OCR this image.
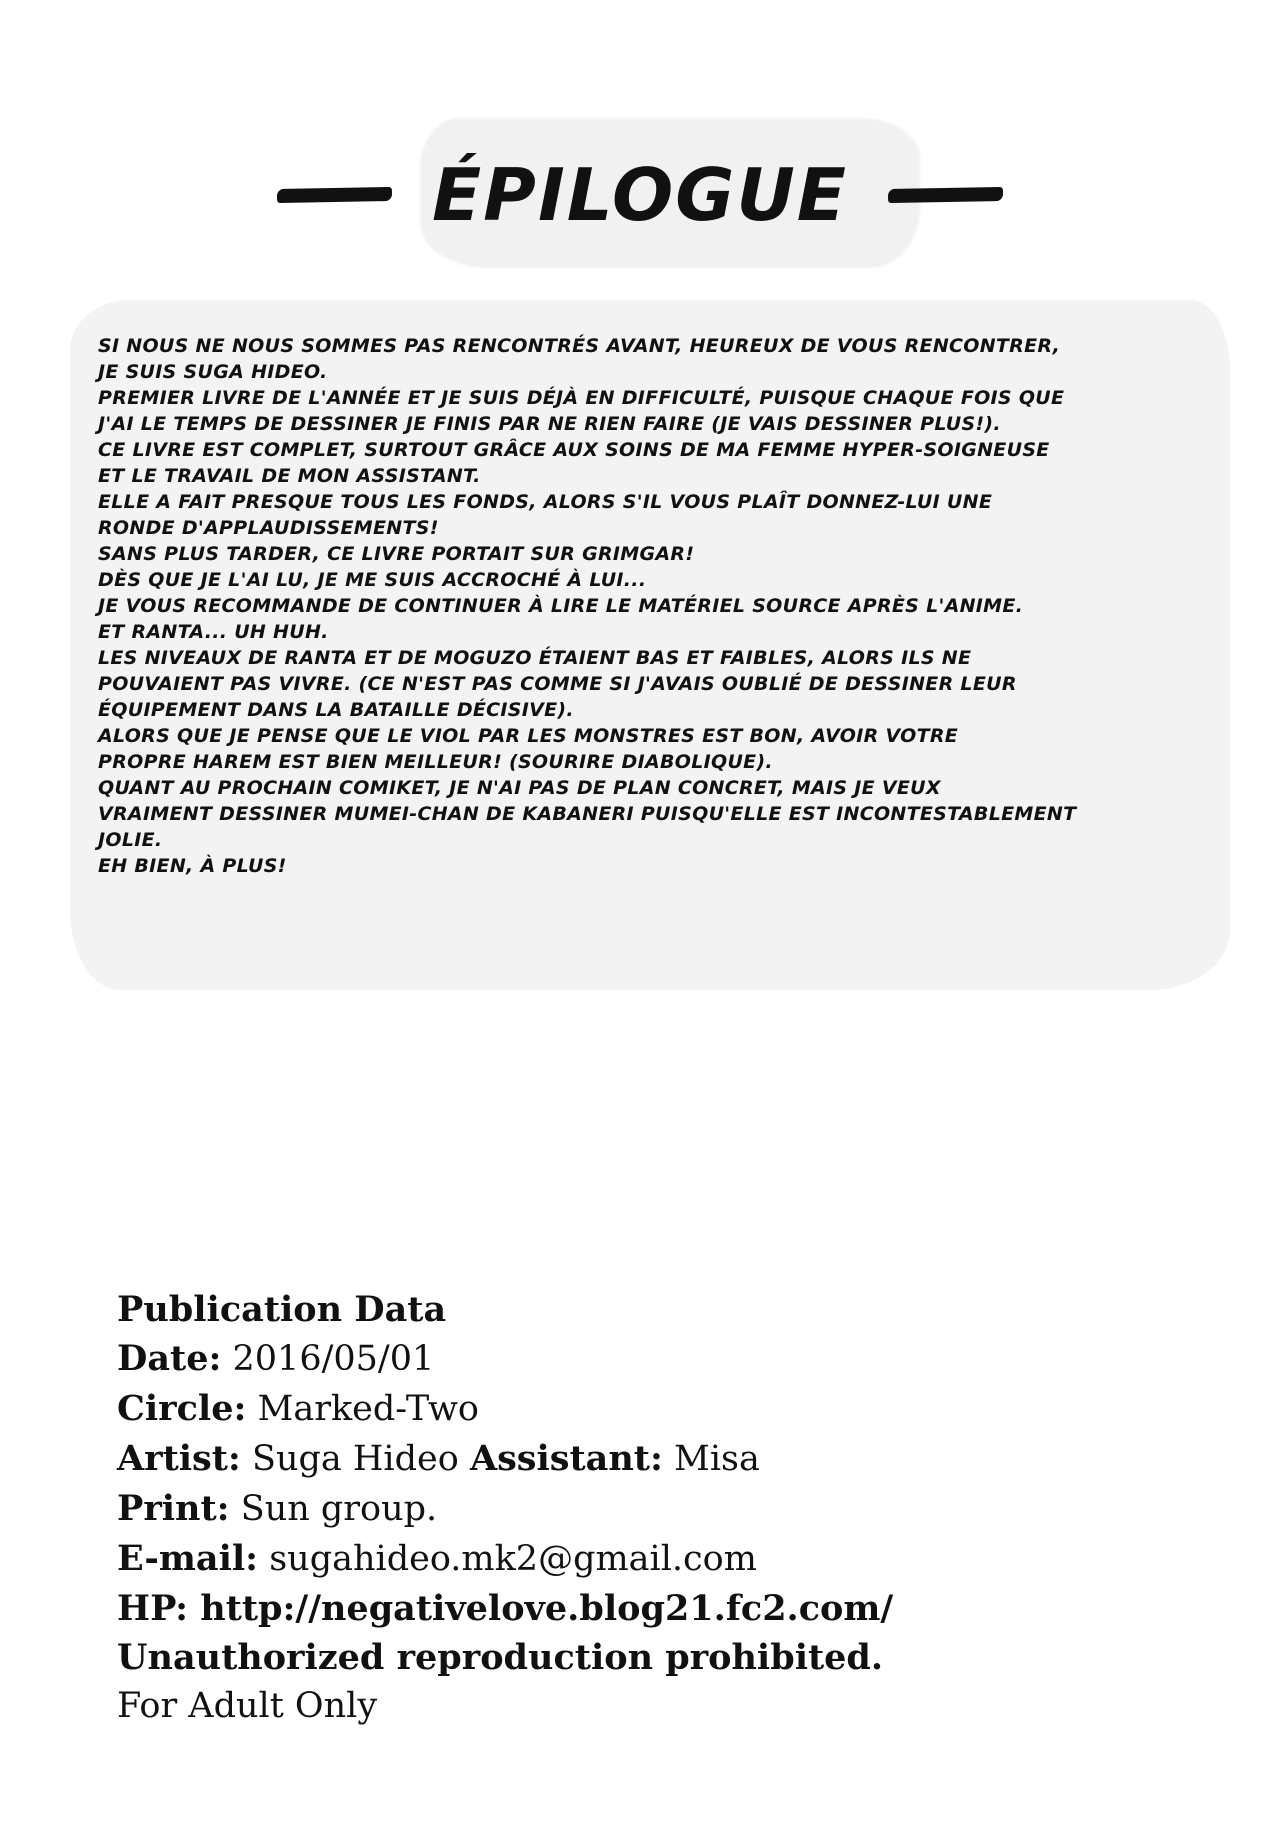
ÉPILOGUE
SI NOUS NE NOUS SOMMES PAS RENCONTRÉS AVANT, HEUREUX DE VOUS RENCONTRER,
JE SUIS SUGA HIDEO.
PREMIER LIVRE DE L'ANNÉE ET JE SUIS DÉJÀ EN DIFFICULTÉ, PUISQUE CHAQUE FOIS QUE
J'AI LE TEMPS DE DESSINER JE FINIS PAR NE RIEN FAIRE (JE VAIS DESSINER PLUS!).
CE LIVRE EST COMPLET, SURTOUT GRÂCE AUX SOINS DE MA FEMME HYPER-SOIGNEUSE
ET LE TRAVAIL DE MON ASSISTANT.
ELLE A FAIT PRESQUE TOUS LES FONDS, ALORS S'IL VOUS PLAÎT DONNEZ-LUI UNE
RONDE D'APPLAUDISSEMENTS!
SANS PLUS TARDER, CE LIVRE PORTAIT SUR GRIMGAR!
DÈS QUE JE L'AI LU, JE ME SUIS ACCROCHÉ À LUI...
JE VOUS RECOMMANDE DE CONTINUER À LIRE LE MATÉRIEL SOURCE APRÈS L'ANIME.
ET RANTA... UH HUH.
LES NIVEAUX DE RANTA ET DE MOGUZO ÉTAIENT BAS ET FAIBLES, ALORS ILS NE
POUVAIENT PAS VIVRE. (CE N'EST PAS COMME SI J'AVAIS OUBLIÉ DE DESSINER LEUR
ÉQUIPEMENT DANS LA BATAILLE DÉCISIVE).
ALORS QUE JE PENSE QUE LE VIOL PAR LES MONSTRES EST BON, AVOIR VOTRE
PROPRE HAREM EST BIEN MEILLEUR! (SOURIRE DIABOLIQUE).
QUANT AU PROCHAIN COMIKET, JE N'AI PAS DE PLAN CONCRET, MAIS JE VEUX
VRAIMENT DESSINER MUMEI-CHAN DE KABANERI PUISQU'ELLE EST INCONTESTABLEMENT
JOLIE.
EH BIEN, À PLUS!
Publication Data
Date: 2016/05/01
Circle: Marked-Two
Artist: Suga Hideo Assistant: Misa
Print: Sun group.
E-mail: sugahideo.mk2@gmail.com
HP: http://negativelove.blog21.fc2.com/
Unauthorized reproduction prohibited.
For Adult Only
